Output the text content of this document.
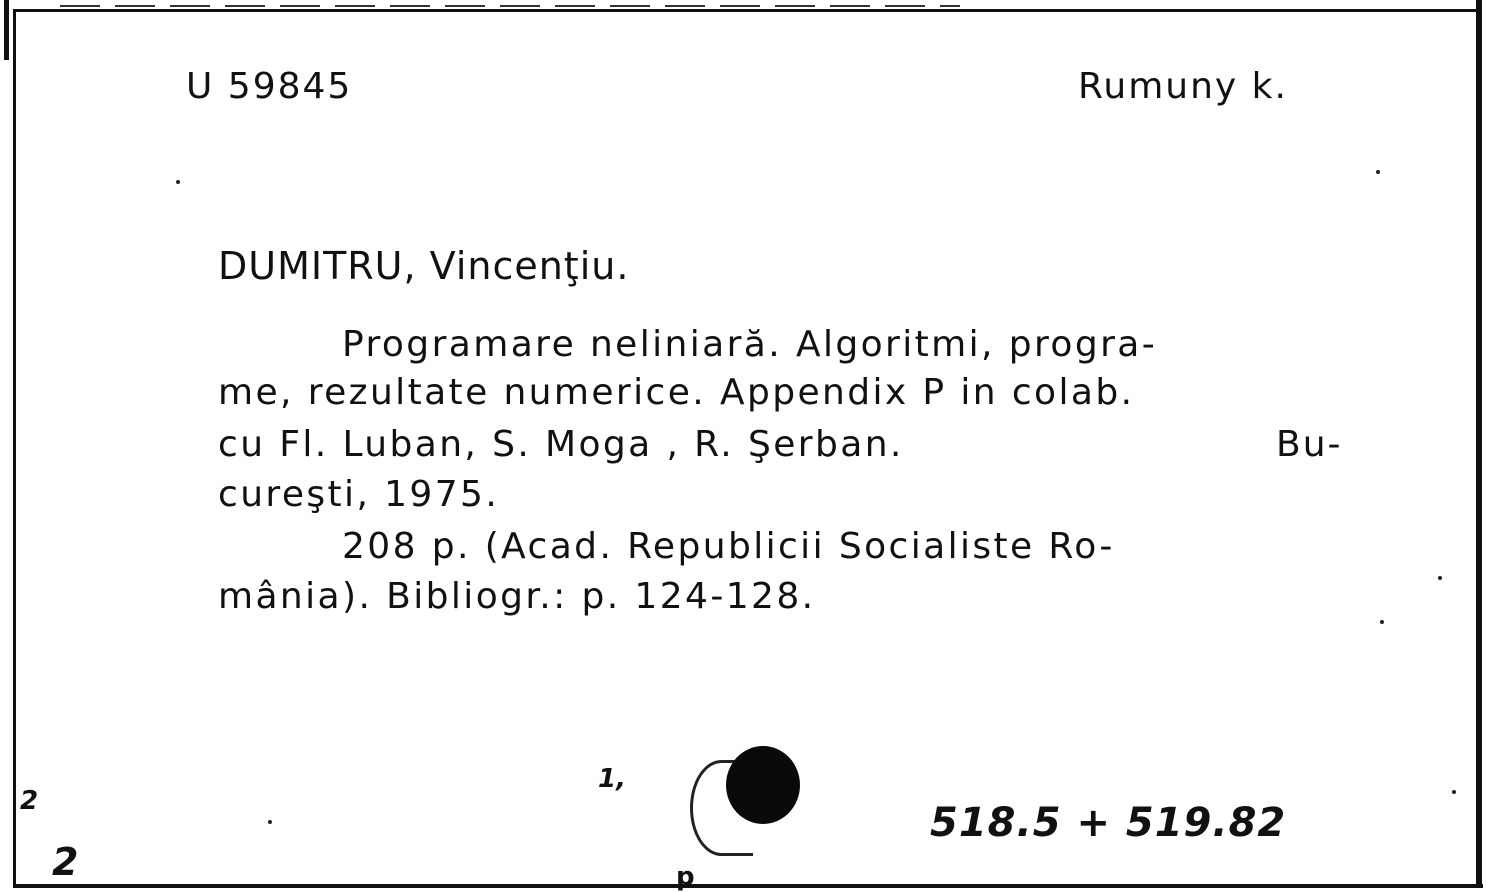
U 59845	Rumuny k.
DUMITRU, Vincenţiu.
Programare neliniară. Algoritmi, progra-
me, rezultate numerice. Appendix P in colab.
cu Fl. Luban, S. Moga , R. Şerban.	Bu-
cureşti, 1975.
208 p. (Acad. Republicii Socialiste Ro-
mânia). Bibliogr.: p. 124-128.
518.5 + 519.82
2
2
1,
p
